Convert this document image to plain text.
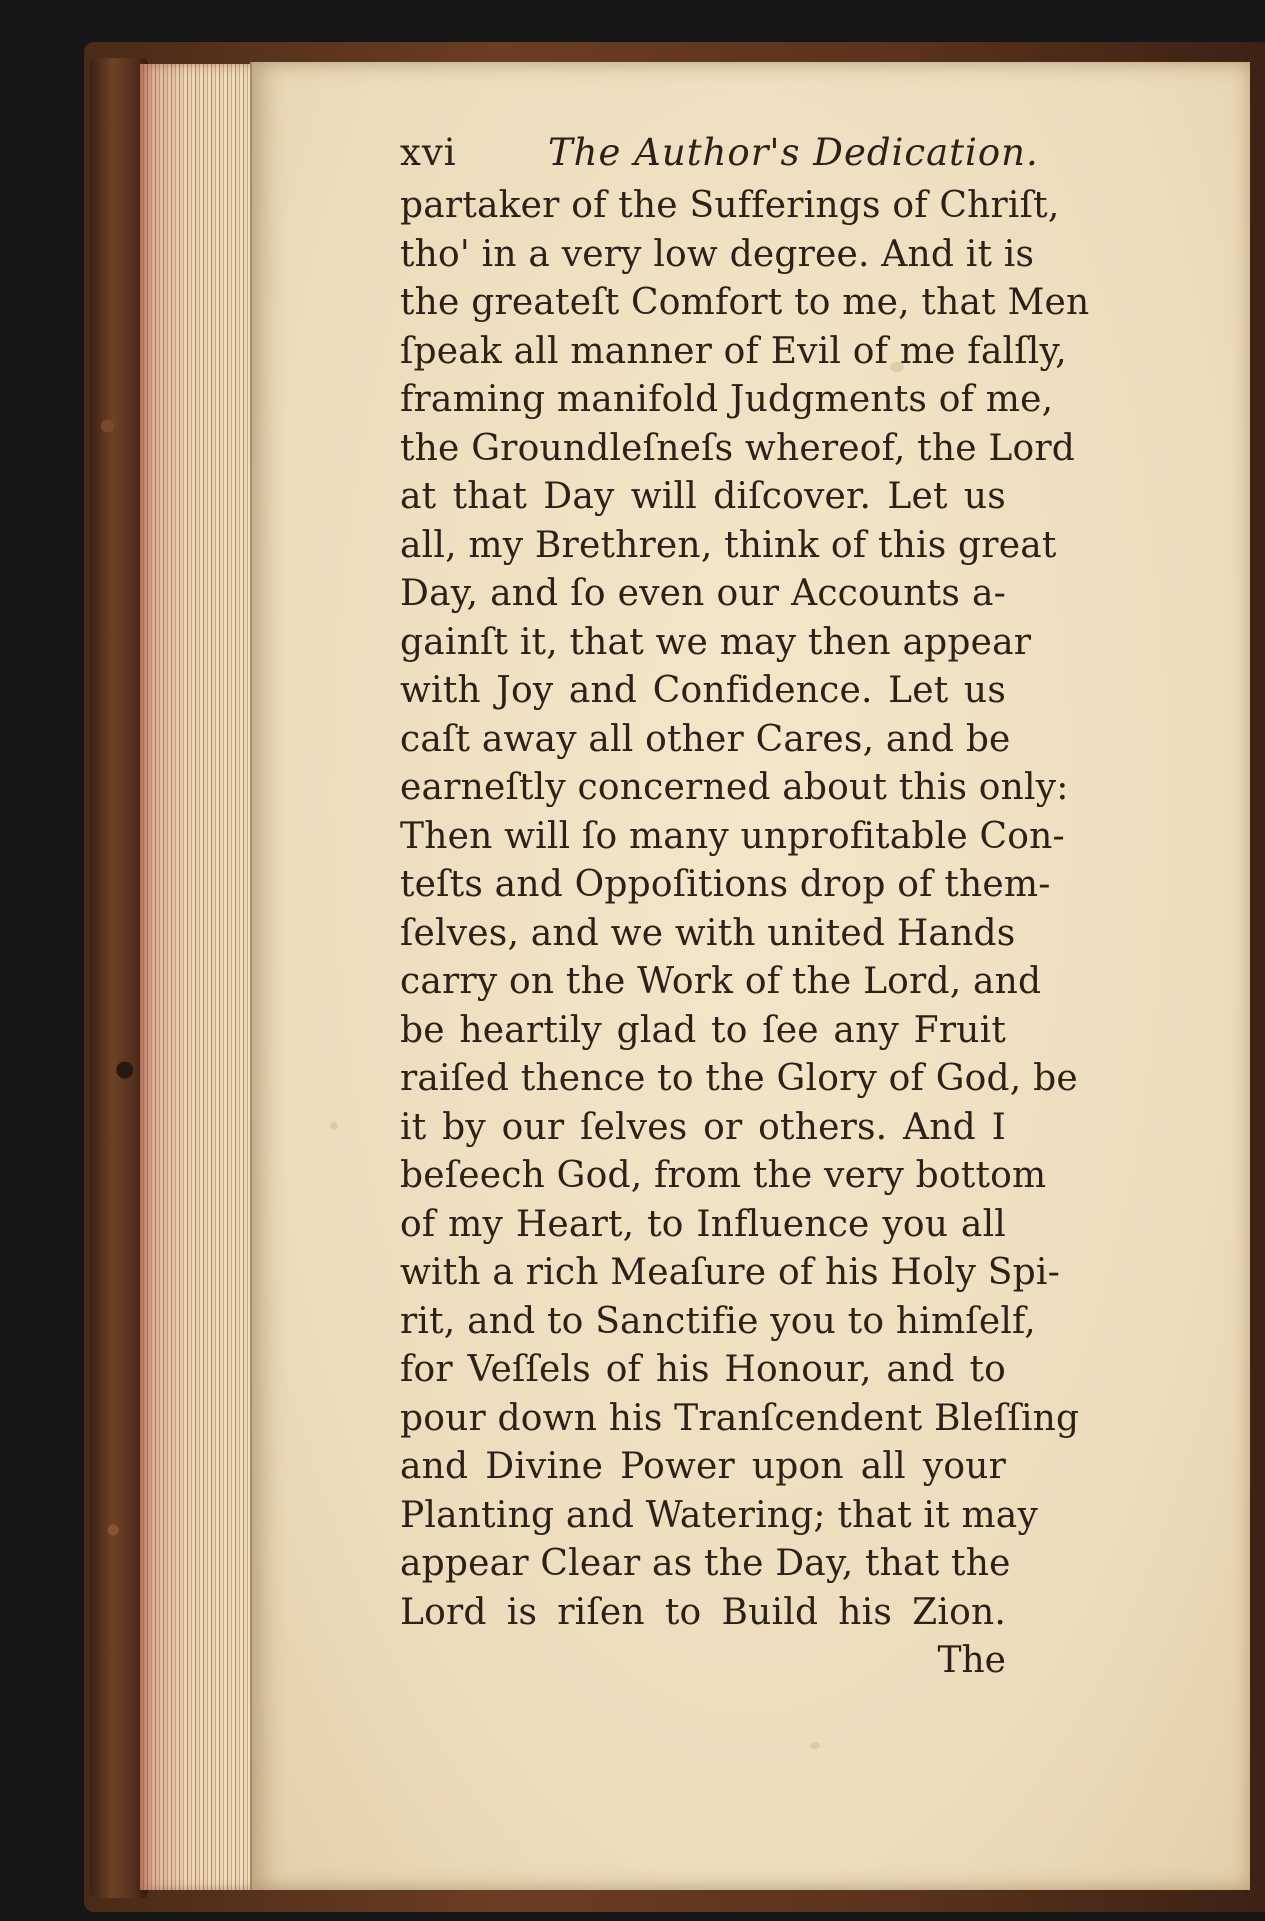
xvi	The Author's Dedication.
partaker of the Sufferings of Chriſt,
tho' in a very low degree. And it is
the greateſt Comfort to me, that Men
ſpeak all manner of Evil of me falſly,
framing manifold Judgments of me,
the Groundleſneſs whereof, the Lord
at that Day will diſcover. Let us
all, my Brethren, think of this great
Day, and ſo even our Accounts a-
gainſt it, that we may then appear
with Joy and Confidence. Let us
caſt away all other Cares, and be
earneſtly concerned about this only:
Then will ſo many unprofitable Con-
teſts and Oppoſitions drop of them-
ſelves, and we with united Hands
carry on the Work of the Lord, and
be heartily glad to ſee any Fruit
raiſed thence to the Glory of God, be
it by our ſelves or others. And I
beſeech God, from the very bottom
of my Heart, to Influence you all
with a rich Meaſure of his Holy Spi-
rit, and to Sanctifie you to himſelf,
for Veſſels of his Honour, and to
pour down his Tranſcendent Bleſſing
and Divine Power upon all your
Planting and Watering; that it may
appear Clear as the Day, that the
Lord is riſen to Build his Zion.
The
